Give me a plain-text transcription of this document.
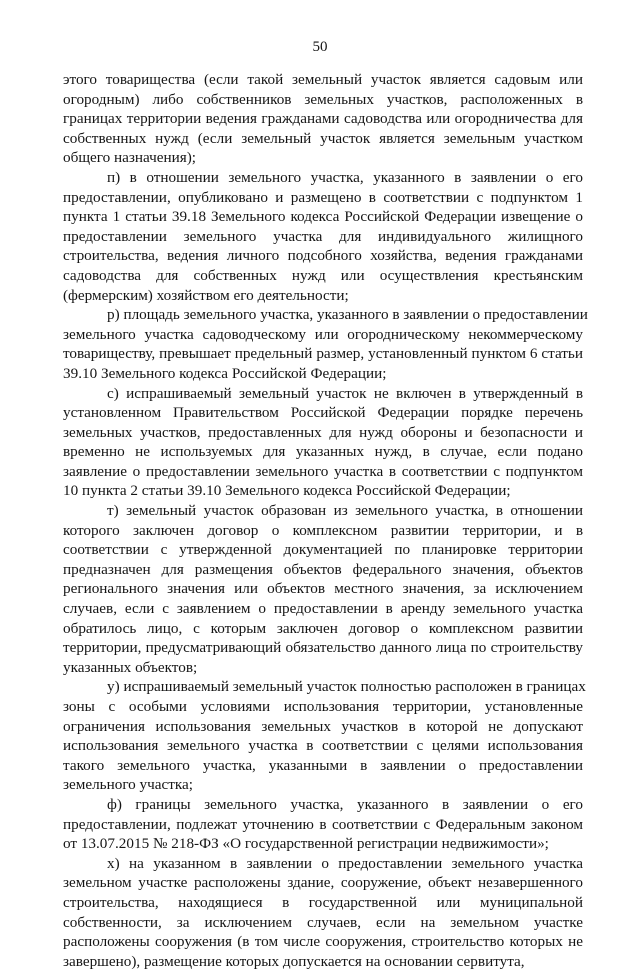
50
этого товарищества (если такой земельный участок является садовым или
огородным) либо собственников земельных участков, расположенных в
границах территории ведения гражданами садоводства или огородничества для
собственных нужд (если земельный участок является земельным участком
общего назначения);
п) в отношении земельного участка, указанного в заявлении о его
предоставлении, опубликовано и размещено в соответствии с подпунктом 1
пункта 1 статьи 39.18 Земельного кодекса Российской Федерации извещение о
предоставлении земельного участка для индивидуального жилищного
строительства, ведения личного подсобного хозяйства, ведения гражданами
садоводства для собственных нужд или осуществления крестьянским
(фермерским) хозяйством его деятельности;
р) площадь земельного участка, указанного в заявлении о предоставлении
земельного участка садоводческому или огородническому некоммерческому
товариществу, превышает предельный размер, установленный пунктом 6 статьи
39.10 Земельного кодекса Российской Федерации;
с) испрашиваемый земельный участок не включен в утвержденный в
установленном Правительством Российской Федерации порядке перечень
земельных участков, предоставленных для нужд обороны и безопасности и
временно не используемых для указанных нужд, в случае, если подано
заявление о предоставлении земельного участка в соответствии с подпунктом
10 пункта 2 статьи 39.10 Земельного кодекса Российской Федерации;
т) земельный участок образован из земельного участка, в отношении
которого заключен договор о комплексном развитии территории, и в
соответствии с утвержденной документацией по планировке территории
предназначен для размещения объектов федерального значения, объектов
регионального значения или объектов местного значения, за исключением
случаев, если с заявлением о предоставлении в аренду земельного участка
обратилось лицо, с которым заключен договор о комплексном развитии
территории, предусматривающий обязательство данного лица по строительству
указанных объектов;
у) испрашиваемый земельный участок полностью расположен в границах
зоны с особыми условиями использования территории, установленные
ограничения использования земельных участков в которой не допускают
использования земельного участка в соответствии с целями использования
такого земельного участка, указанными в заявлении о предоставлении
земельного участка;
ф) границы земельного участка, указанного в заявлении о его
предоставлении, подлежат уточнению в соответствии с Федеральным законом
от 13.07.2015 № 218-ФЗ «О государственной регистрации недвижимости»;
х) на указанном в заявлении о предоставлении земельного участка
земельном участке расположены здание, сооружение, объект незавершенного
строительства, находящиеся в государственной или муниципальной
собственности, за исключением случаев, если на земельном участке
расположены сооружения (в том числе сооружения, строительство которых не
завершено), размещение которых допускается на основании сервитута,
